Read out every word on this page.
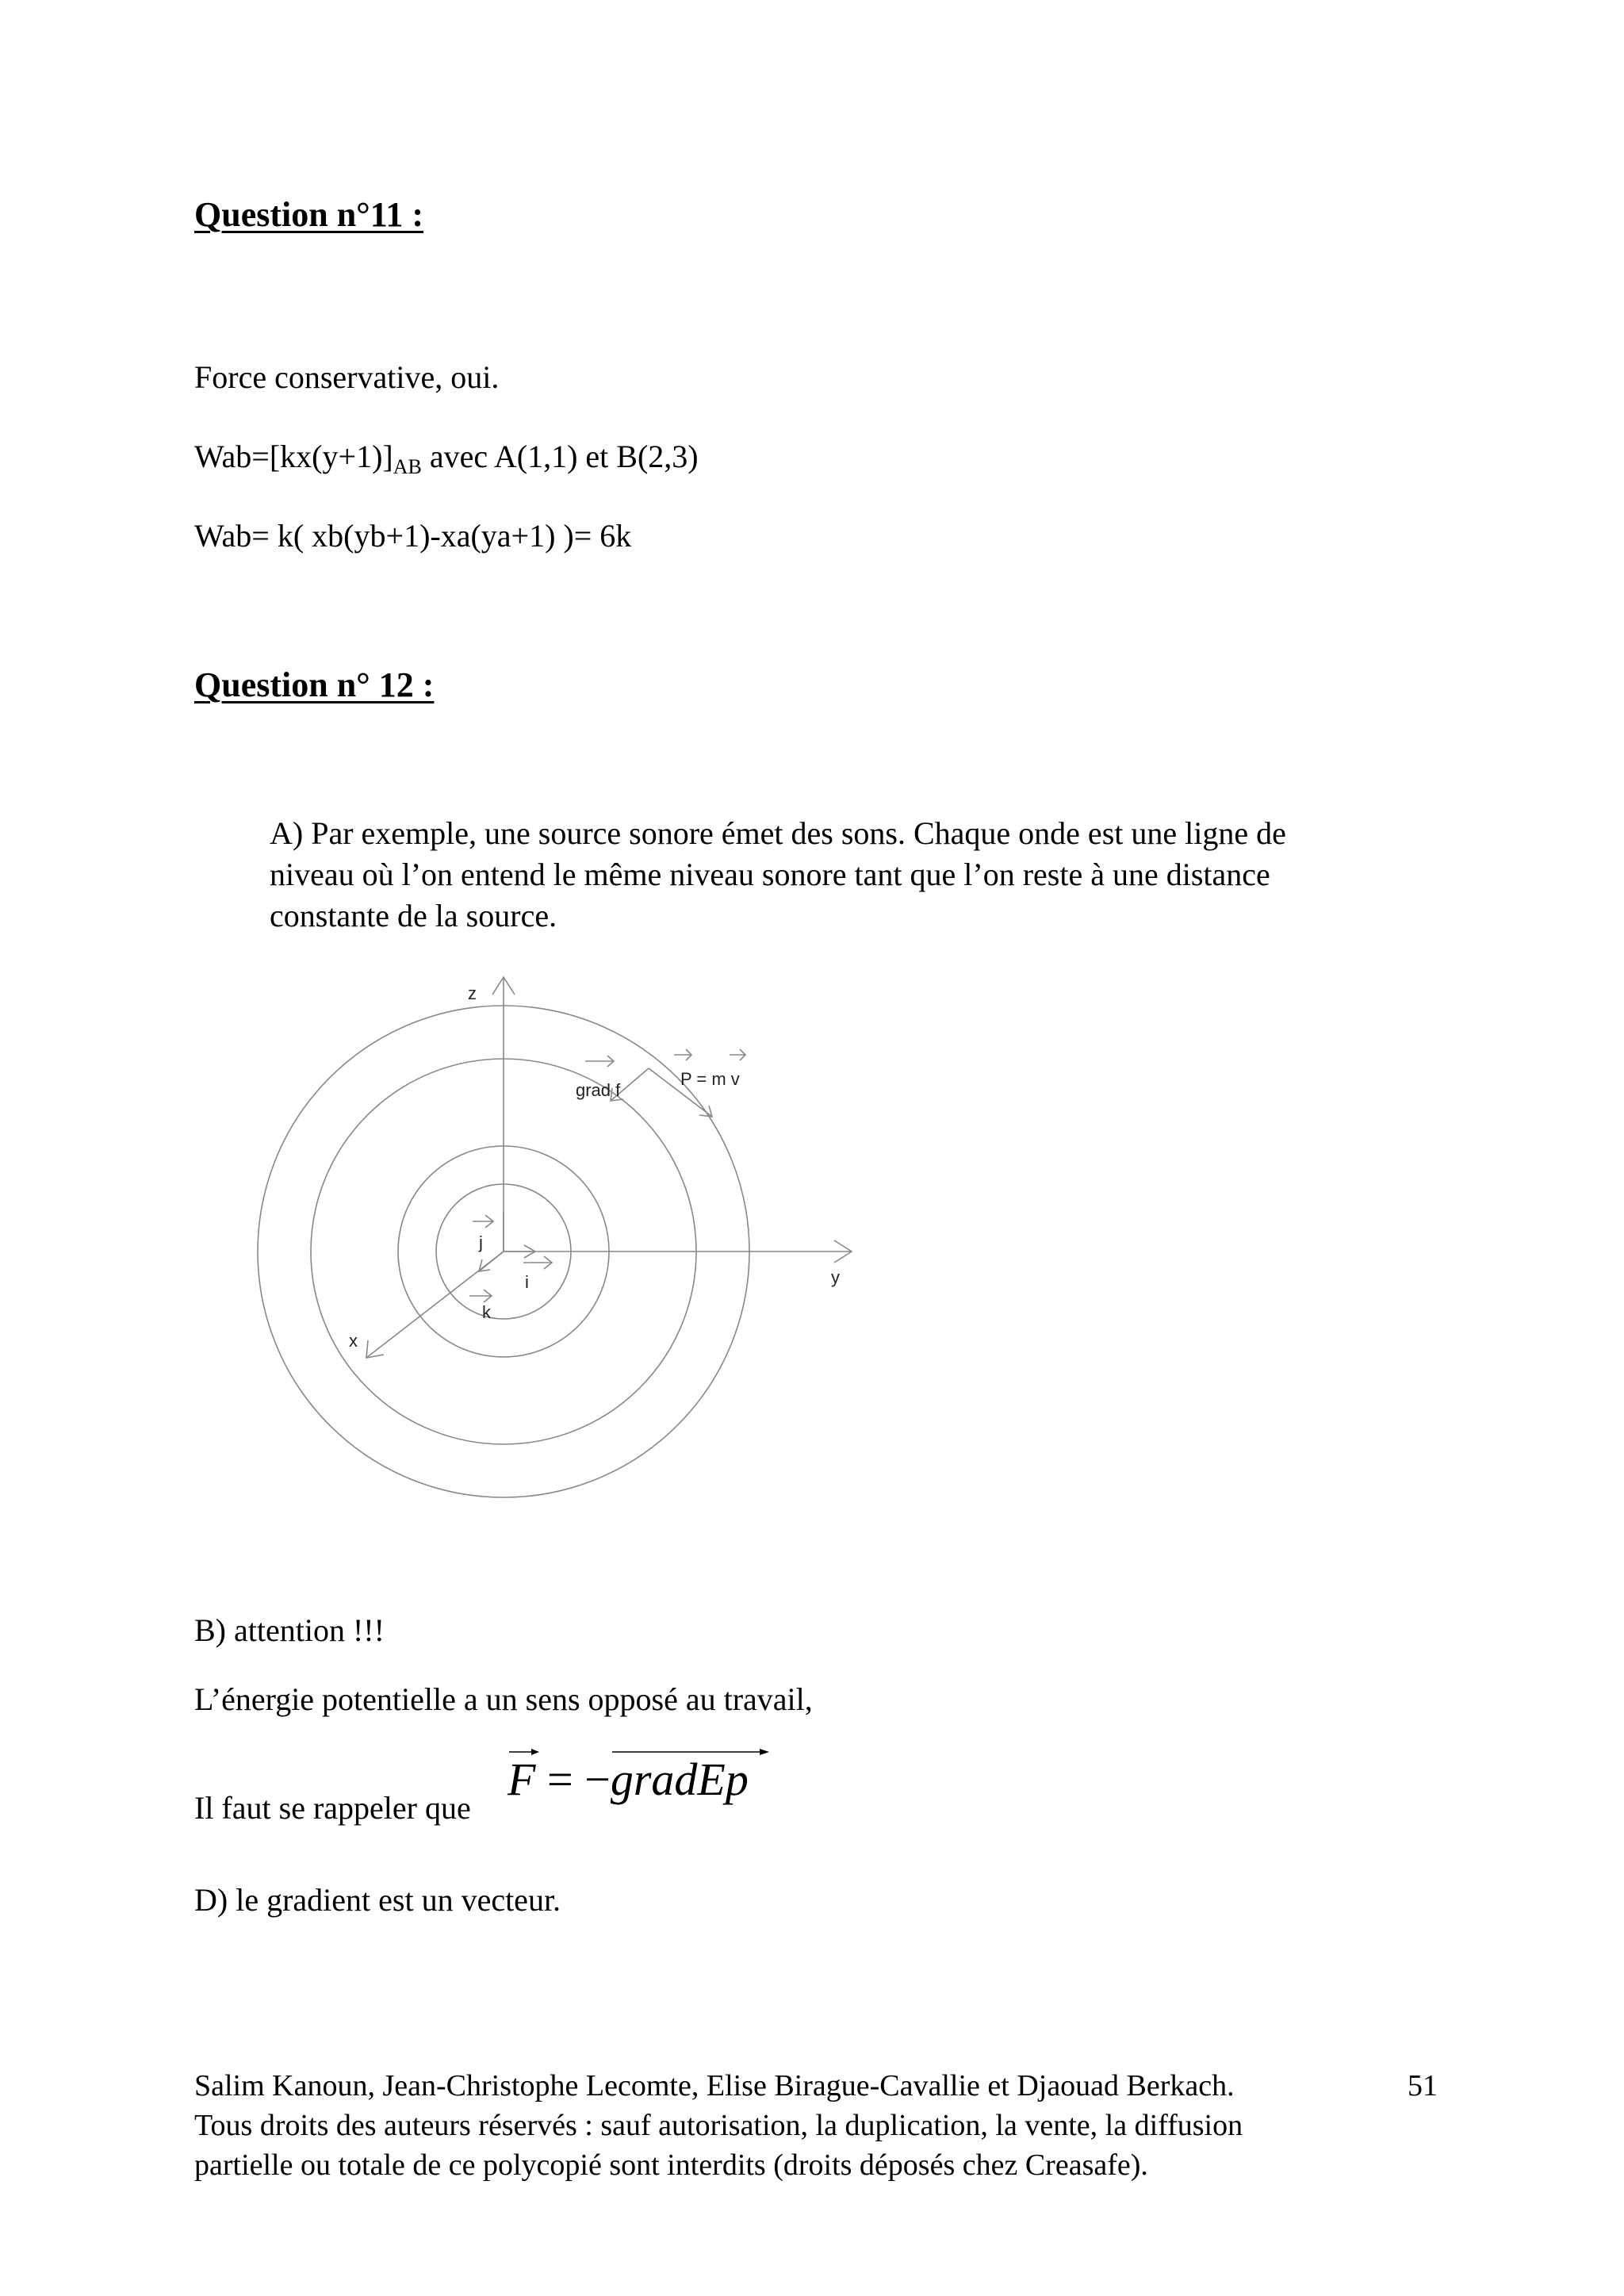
Question n°11 :
Force conservative, oui.
$Wab=[kx(y+1)]_{AB}$ avec A(1,1) et B(2,3)
Wab= k( xb(yb+1)-xa(ya+1) )= 6k
Question n° 12 :

A) Par exemple, une source sonore émet des sons. Chaque onde est une ligne de

niveau où l’on entend le même niveau sonore tant que l’on reste à une distance

constante de la source.

z
y
x
i
j
k
grad f
P = m v
B) attention !!!
L’énergie potentielle a un sens opposé au travail,
Il faut se rappeler que
F = −
gradEp
D) le gradient est un vecteur.
Salim Kanoun, Jean-Christophe Lecomte, Elise Birague-Cavallie et Djaouad Berkach.
Tous droits des auteurs réservés : sauf autorisation, la duplication, la vente, la diffusion
partielle ou totale de ce polycopié sont interdits (droits déposés chez Creasafe).
51
